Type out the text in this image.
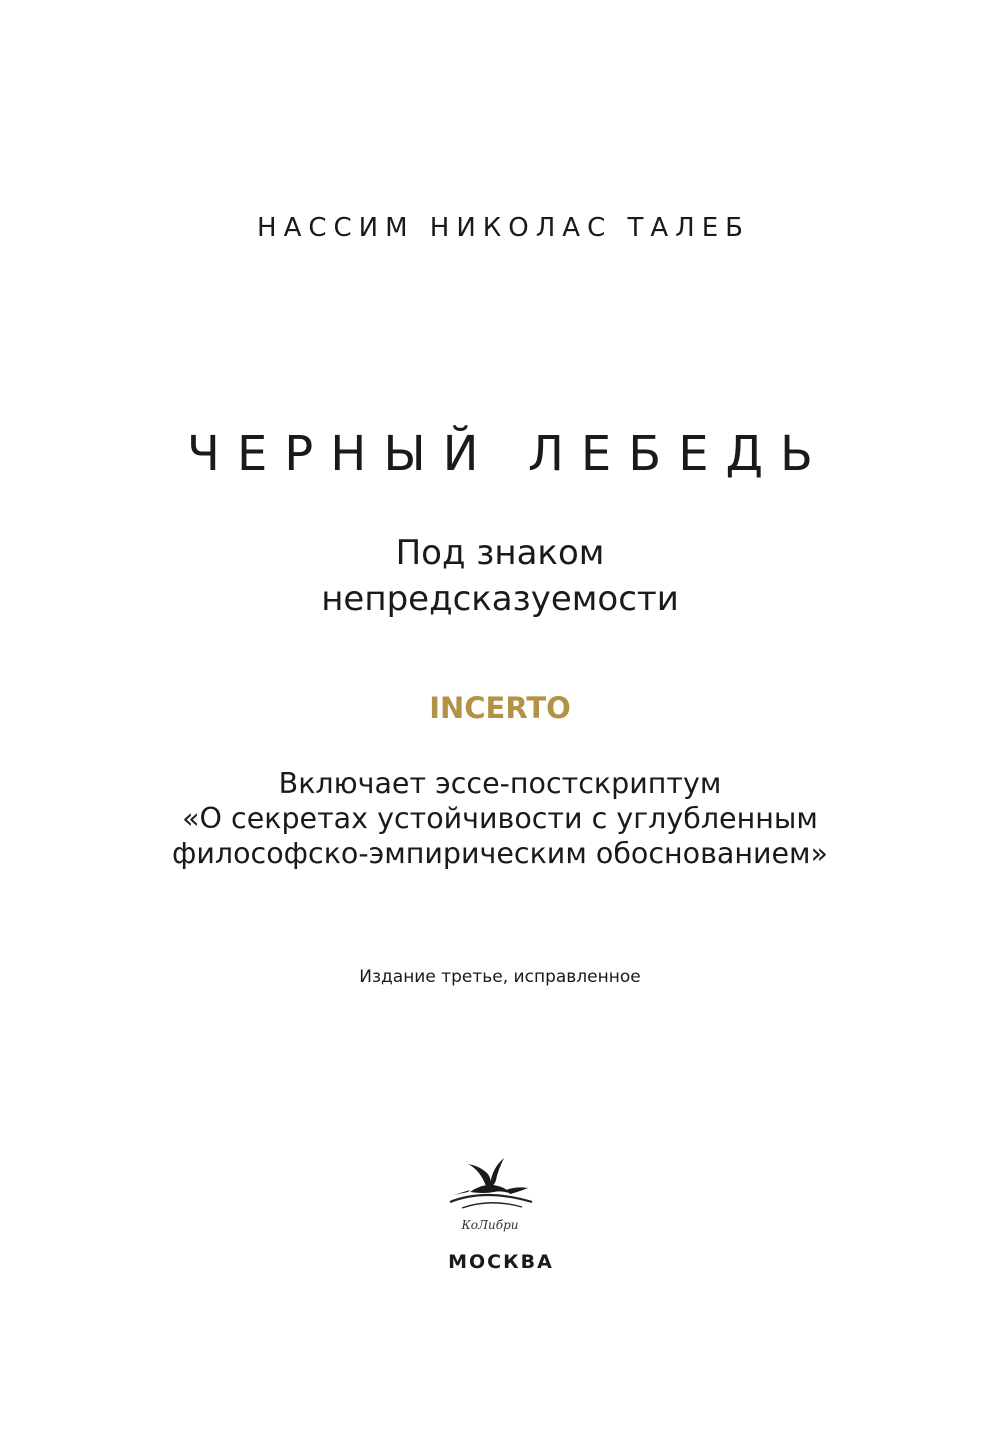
НАССИМ НИКОЛАС ТАЛЕБ
ЧЕРНЫЙ ЛЕБЕДЬ
Под знаком
непредсказуемости
INCERTO
Включает эссе-постскриптум
«О секретах устойчивости с углубленным
философско-эмпирическим обоснованием»
Издание третье, исправленное
КоЛибри
МОСКВА
